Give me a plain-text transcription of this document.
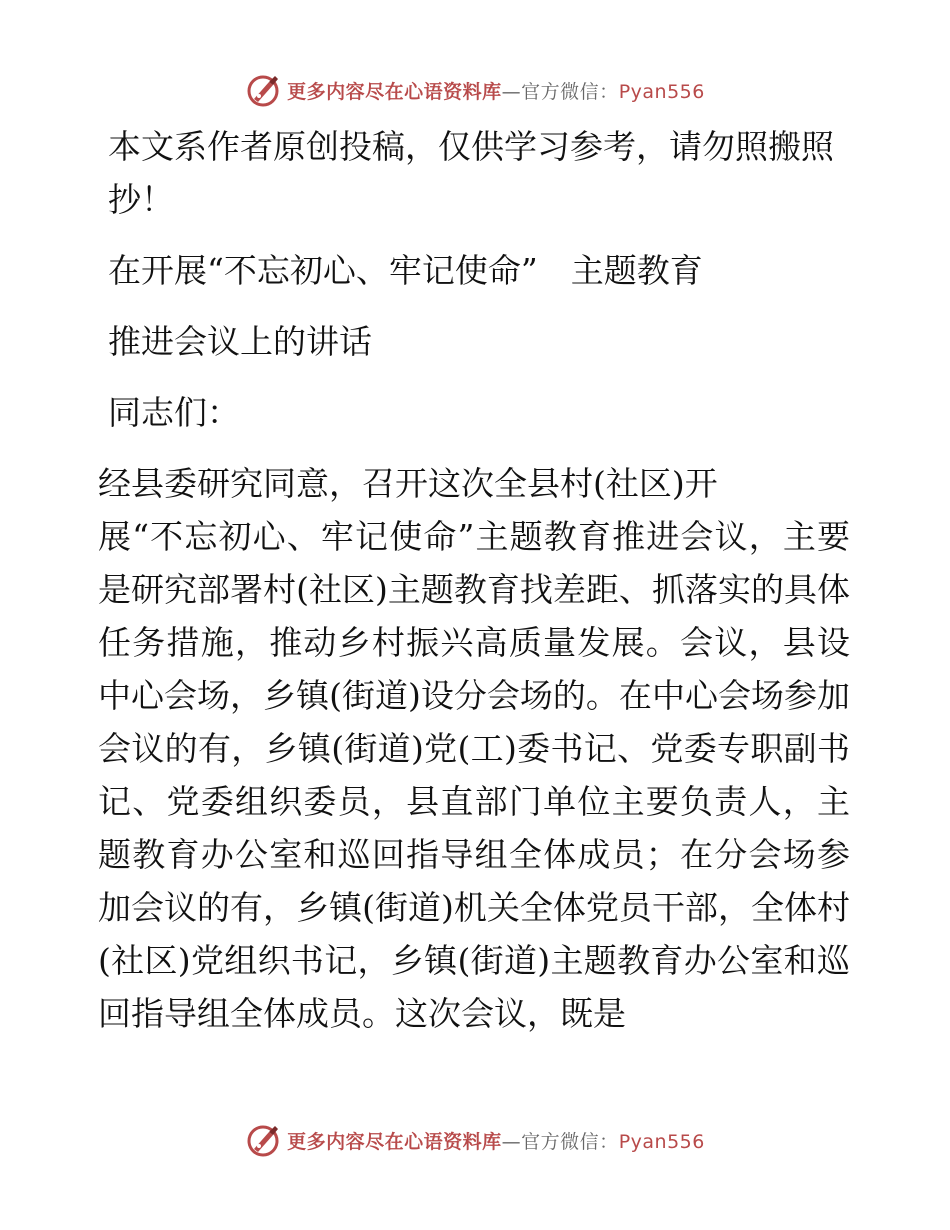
更多内容尽在心语资料库—官方微信：Pyan556

本文系作者原创投稿，仅供学习参考，请勿照搬照抄！

在开展“不忘初心、牢记使命”　主题教育

推进会议上的讲话

同志们：

经县委研究同意，召开这次全县村(社区)开
展“不忘初心、牢记使命”主题教育推进会议，主要是研究部署村(社区)主题教育找差距、抓落实的具体任务措施，推动乡村振兴高质量发展。会议，县设中心会场，乡镇(街道)设分会场的。在中心会场参加会议的有，乡镇(街道)党(工)委书记、党委专职副书记、党委组织委员，县直部门单位主要负责人，主题教育办公室和巡回指导组全体成员；在分会场参加会议的有，乡镇(街道)机关全体党员干部，全体村(社区)党组织书记，乡镇(街道)主题教育办公室和巡回指导组全体成员。这次会议，既是
更多内容尽在心语资料库—官方微信：Pyan556
